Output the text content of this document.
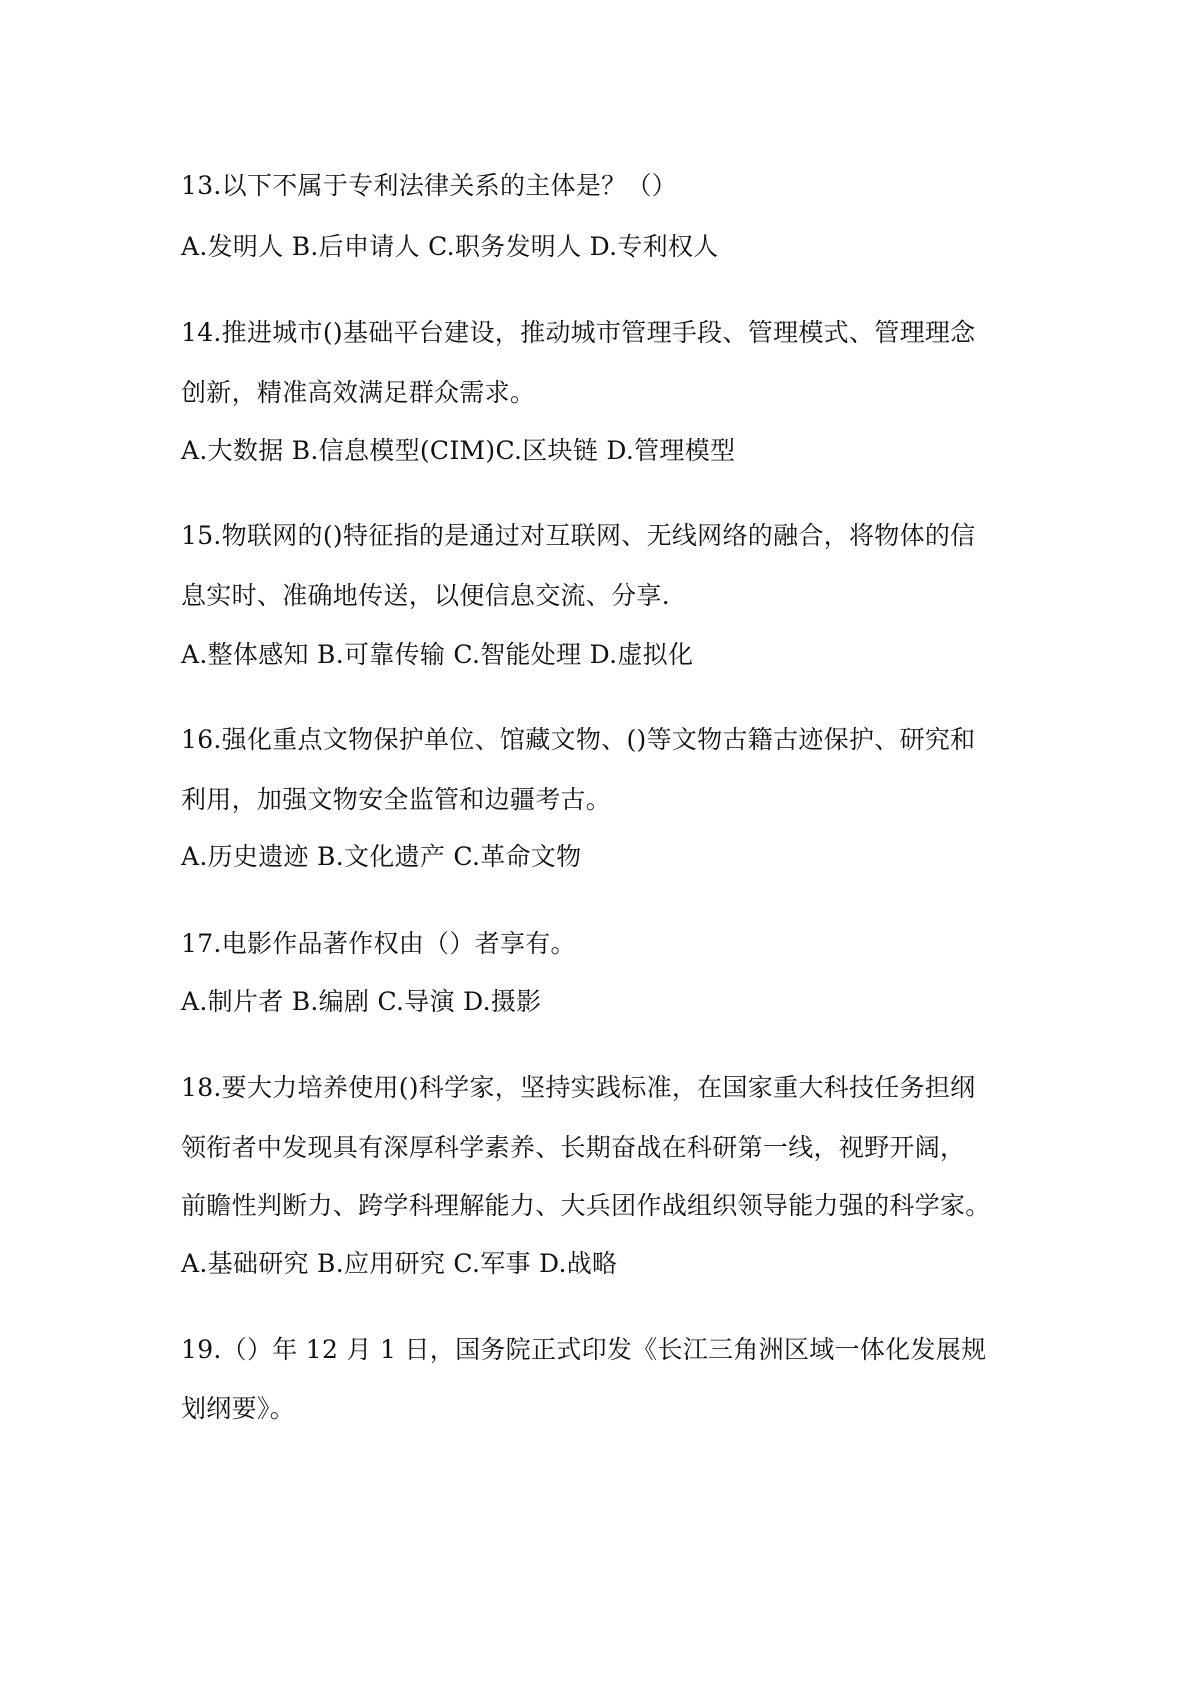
13.以下不属于专利法律关系的主体是？（）
A.发明人 B.后申请人 C.职务发明人 D.专利权人
14.推进城市()基础平台建设，推动城市管理手段、管理模式、管理理念
创新，精准高效满足群众需求。
A.大数据 B.信息模型(CIM)C.区块链 D.管理模型
15.物联网的()特征指的是通过对互联网、无线网络的融合，将物体的信
息实时、准确地传送，以便信息交流、分享.
A.整体感知 B.可靠传输 C.智能处理 D.虚拟化
16.强化重点文物保护单位、馆藏文物、()等文物古籍古迹保护、研究和
利用，加强文物安全监管和边疆考古。
A.历史遗迹 B.文化遗产 C.革命文物
17.电影作品著作权由（）者享有。
A.制片者 B.编剧 C.导演 D.摄影
18.要大力培养使用()科学家，坚持实践标准，在国家重大科技任务担纲
领衔者中发现具有深厚科学素养、长期奋战在科研第一线，视野开阔，
前瞻性判断力、跨学科理解能力、大兵团作战组织领导能力强的科学家。
A.基础研究 B.应用研究 C.军事 D.战略
19.（）年 12 月 1 日，国务院正式印发《长江三角洲区域一体化发展规
划纲要》。
